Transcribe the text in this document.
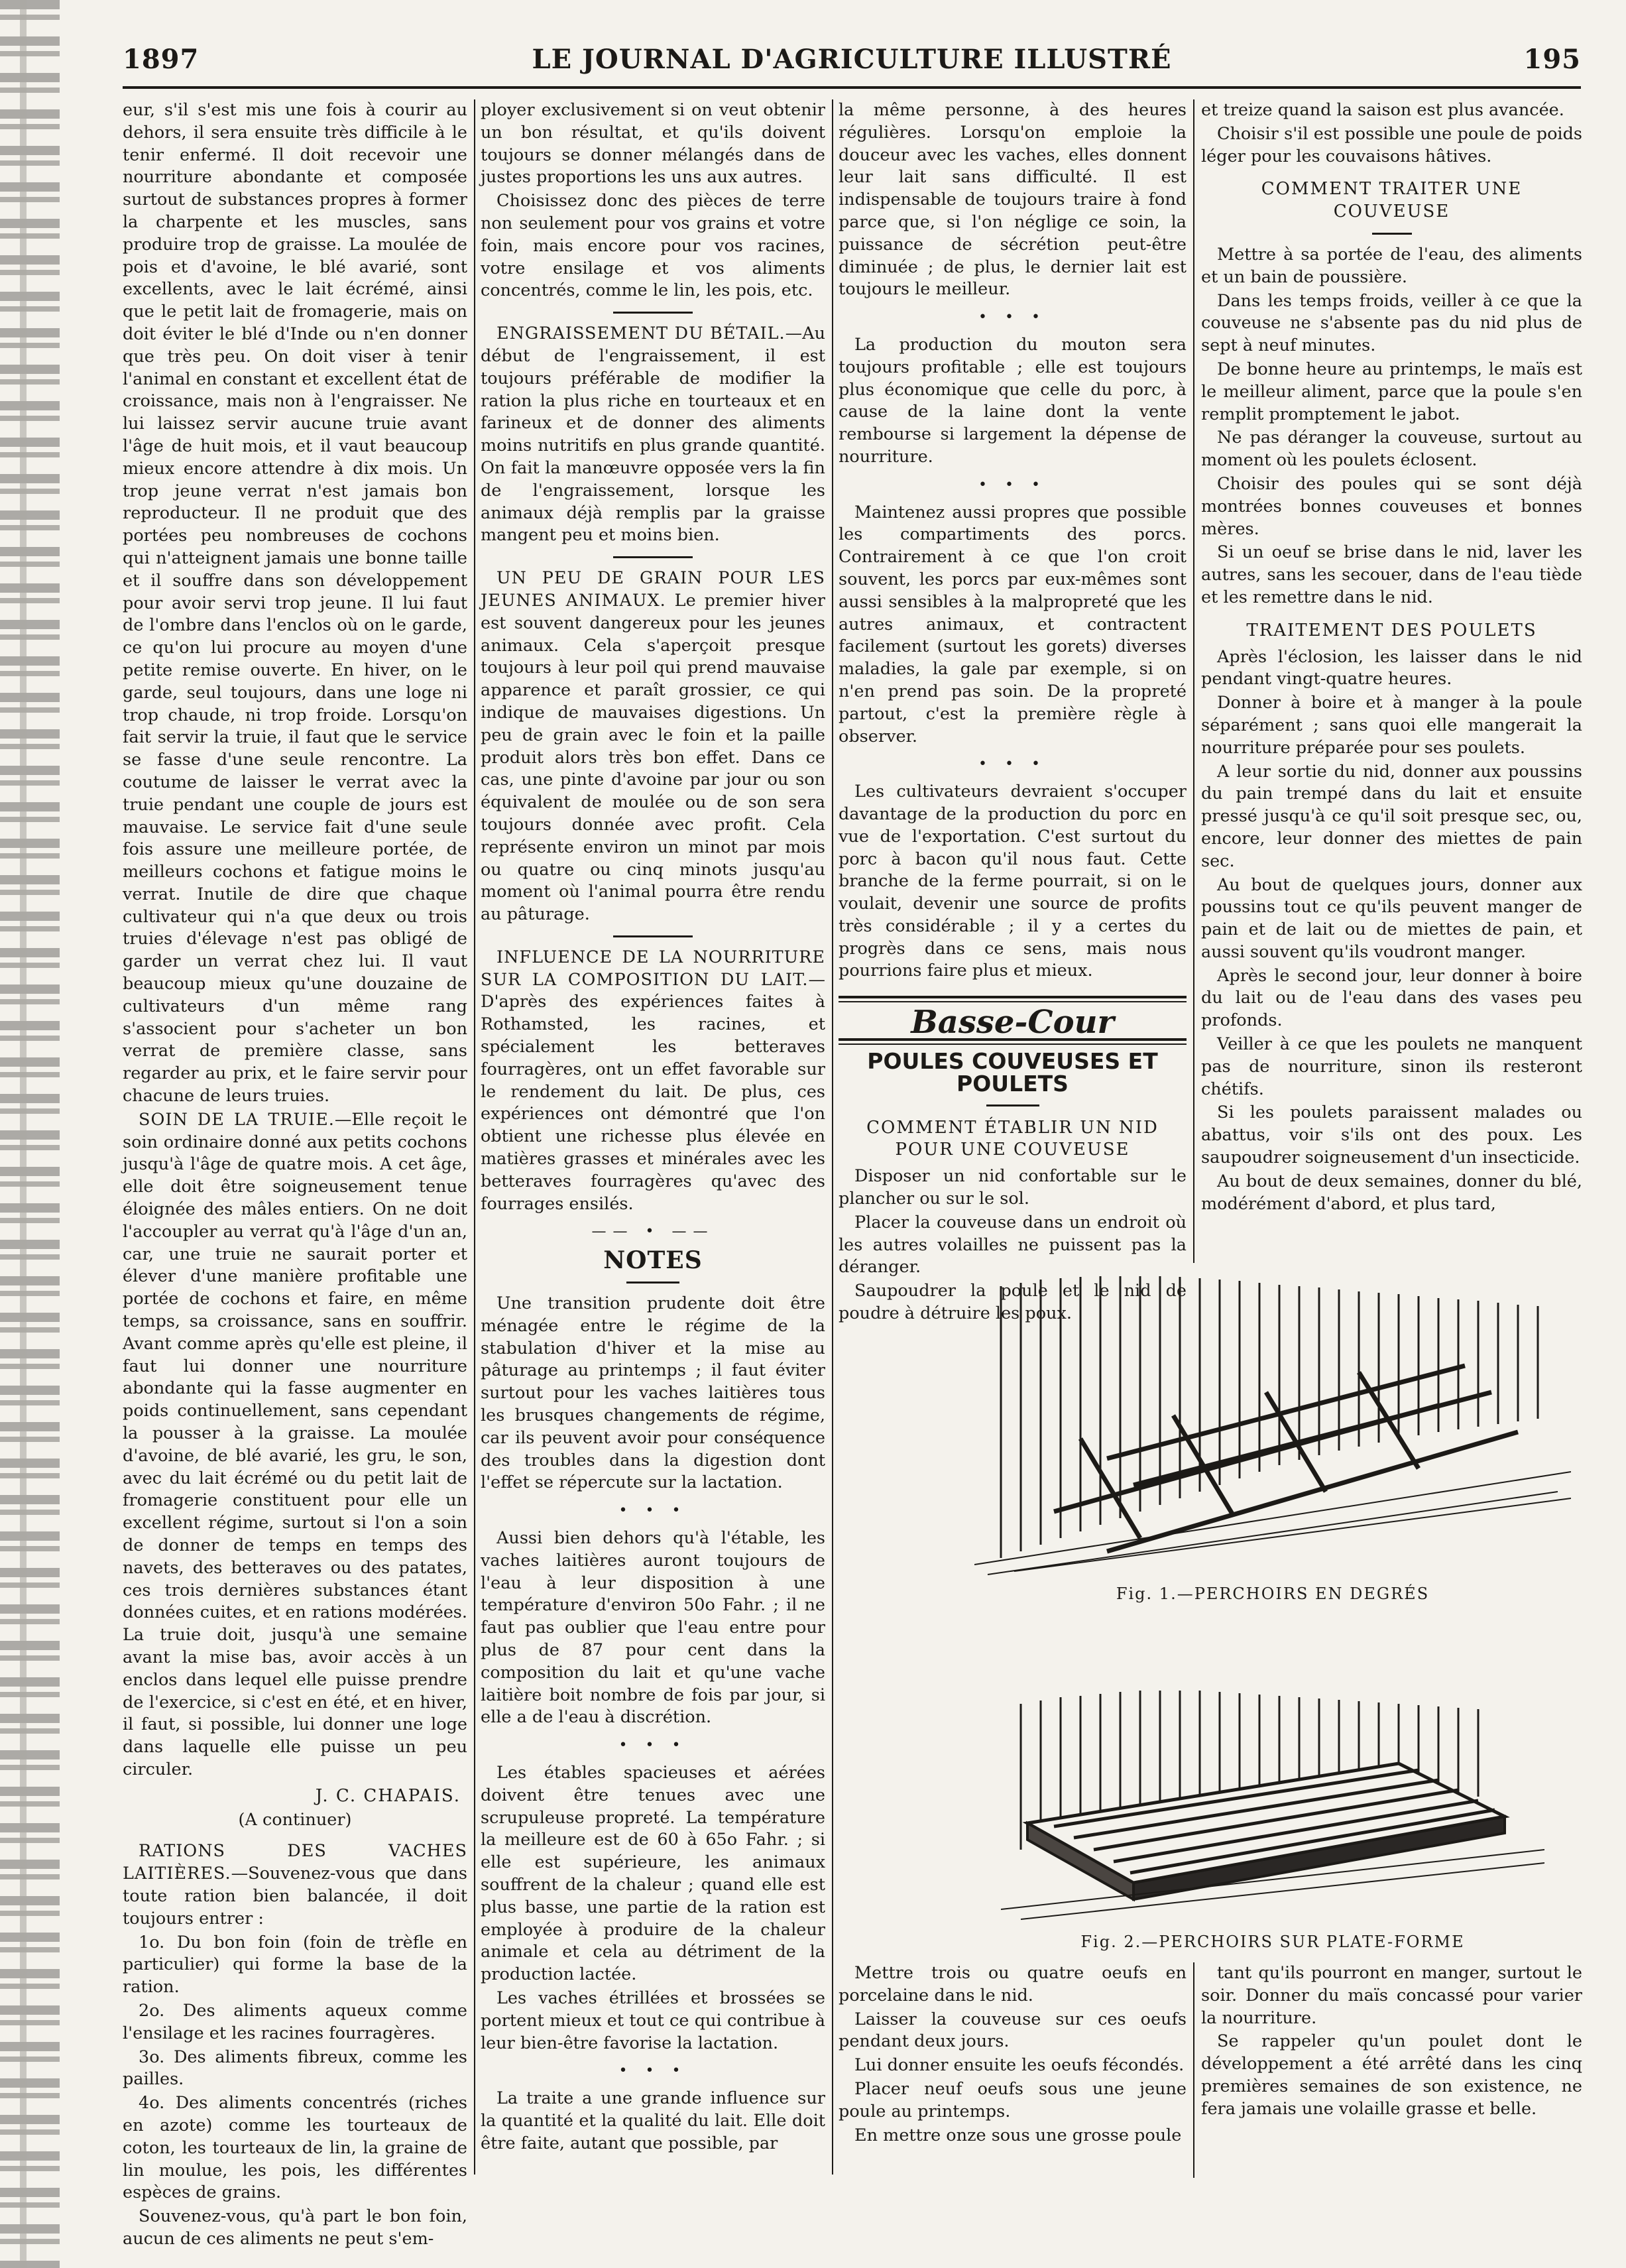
LE JOURNAL D'AGRICULTURE ILLUSTRÉ
1897	195

eur, s'il s'est mis une fois à courir au dehors, il sera ensuite très difficile à le tenir enfermé. Il doit recevoir une nourriture abondante et composée surtout de substances propres à former la charpente et les muscles, sans produire trop de graisse. La moulée de pois et d'avoine, le blé avarié, sont excellents, avec le lait écrémé, ainsi que le petit lait de fromagerie, mais on doit éviter le blé d'Inde ou n'en donner que très peu. On doit viser à tenir l'animal en constant et excellent état de croissance, mais non à l'engraisser. Ne lui laissez servir aucune truie avant l'âge de huit mois, et il vaut beaucoup mieux encore attendre à dix mois. Un trop jeune verrat n'est jamais bon reproducteur. Il ne produit que des portées peu nombreuses de cochons qui n'atteignent jamais une bonne taille et il souffre dans son développement pour avoir servi trop jeune. Il lui faut de l'ombre dans l'enclos où on le garde, ce qu'on lui procure au moyen d'une petite remise ouverte. En hiver, on le garde, seul toujours, dans une loge ni trop chaude, ni trop froide. Lorsqu'on fait servir la truie, il faut que le service se fasse d'une seule rencontre. La coutume de laisser le verrat avec la truie pendant une couple de jours est mauvaise. Le service fait d'une seule fois assure une meilleure portée, de meilleurs cochons et fatigue moins le verrat. Inutile de dire que chaque cultivateur qui n'a que deux ou trois truies d'élevage n'est pas obligé de garder un verrat chez lui. Il vaut beaucoup mieux qu'une douzaine de cultivateurs d'un même rang s'associent pour s'acheter un bon verrat de première classe, sans regarder au prix, et le faire servir pour chacune de leurs truies.

SOIN DE LA TRUIE.—Elle reçoit le soin ordinaire donné aux petits cochons jusqu'à l'âge de quatre mois. A cet âge, elle doit être soigneusement tenue éloignée des mâles entiers. On ne doit l'accoupler au verrat qu'à l'âge d'un an, car, une truie ne saurait porter et élever d'une manière profitable une portée de cochons et faire, en même temps, sa croissance, sans en souffrir. Avant comme après qu'elle est pleine, il faut lui donner une nourriture abondante qui la fasse augmenter en poids continuellement, sans cependant la pousser à la graisse. La moulée d'avoine, de blé avarié, les gru, le son, avec du lait écrémé ou du petit lait de fromagerie constituent pour elle un excellent régime, surtout si l'on a soin de donner de temps en temps des navets, des betteraves ou des patates, ces trois dernières substances étant données cuites, et en rations modérées. La truie doit, jusqu'à une semaine avant la mise bas, avoir accès à un enclos dans lequel elle puisse prendre de l'exercice, si c'est en été, et en hiver, il faut, si possible, lui donner une loge dans laquelle elle puisse un peu circuler.

J. C. CHAPAIS.
(A continuer)

RATIONS DES VACHES LAITIÈRES.—Souvenez-vous que dans toute ration bien balancée, il doit toujours entrer :

1o. Du bon foin (foin de trèfle en particulier) qui forme la base de la ration.

2o. Des aliments aqueux comme l'ensilage et les racines fourragères.

3o. Des aliments fibreux, comme les pailles.

4o. Des aliments concentrés (riches en azote) comme les tourteaux de coton, les tourteaux de lin, la graine de lin moulue, les pois, les différentes espèces de grains.

Souvenez-vous, qu'à part le bon foin, aucun de ces aliments ne peut s'em-

ployer exclusivement si on veut obtenir un bon résultat, et qu'ils doivent toujours se donner mélangés dans de justes proportions les uns aux autres.

Choisissez donc des pièces de terre non seulement pour vos grains et votre foin, mais encore pour vos racines, votre ensilage et vos aliments concentrés, comme le lin, les pois, etc.

ENGRAISSEMENT DU BÉTAIL.—Au début de l'engraissement, il est toujours préférable de modifier la ration la plus riche en tourteaux et en farineux et de donner des aliments moins nutritifs en plus grande quantité. On fait la manœuvre opposée vers la fin de l'engraissement, lorsque les animaux déjà remplis par la graisse mangent peu et moins bien.

UN PEU DE GRAIN POUR LES JEUNES ANIMAUX. Le premier hiver est souvent dangereux pour les jeunes animaux. Cela s'aperçoit presque toujours à leur poil qui prend mauvaise apparence et paraît grossier, ce qui indique de mauvaises digestions. Un peu de grain avec le foin et la paille produit alors très bon effet. Dans ce cas, une pinte d'avoine par jour ou son équivalent de moulée ou de son sera toujours donnée avec profit. Cela représente environ un minot par mois ou quatre ou cinq minots jusqu'au moment où l'animal pourra être rendu au pâturage.

INFLUENCE DE LA NOURRITURE SUR LA COMPOSITION DU LAIT.—D'après des expériences faites à Rothamsted, les racines, et spécialement les betteraves fourragères, ont un effet favorable sur le rendement du lait. De plus, ces expériences ont démontré que l'on obtient une richesse plus élevée en matières grasses et minérales avec les betteraves fourragères qu'avec des fourrages ensilés.

—— • ——
NOTES

Une transition prudente doit être ménagée entre le régime de la stabulation d'hiver et la mise au pâturage au printemps ; il faut éviter surtout pour les vaches laitières tous les brusques changements de régime, car ils peuvent avoir pour conséquence des troubles dans la digestion dont l'effet se répercute sur la lactation.

• • •

Aussi bien dehors qu'à l'étable, les vaches laitières auront toujours de l'eau à leur disposition à une température d'environ 50o Fahr. ; il ne faut pas oublier que l'eau entre pour plus de 87 pour cent dans la composition du lait et qu'une vache laitière boit nombre de fois par jour, si elle a de l'eau à discrétion.

• • •

Les étables spacieuses et aérées doivent être tenues avec une scrupuleuse propreté. La température la meilleure est de 60 à 65o Fahr. ; si elle est supérieure, les animaux souffrent de la chaleur ; quand elle est plus basse, une partie de la ration est employée à produire de la chaleur animale et cela au détriment de la production lactée.

Les vaches étrillées et brossées se portent mieux et tout ce qui contribue à leur bien-être favorise la lactation.

• • •

La traite a une grande influence sur la quantité et la qualité du lait. Elle doit être faite, autant que possible, par

la même personne, à des heures régulières. Lorsqu'on emploie la douceur avec les vaches, elles donnent leur lait sans difficulté. Il est indispensable de toujours traire à fond parce que, si l'on néglige ce soin, la puissance de sécrétion peut-être diminuée ; de plus, le dernier lait est toujours le meilleur.

• • •

La production du mouton sera toujours profitable ; elle est toujours plus économique que celle du porc, à cause de la laine dont la vente rembourse si largement la dépense de nourriture.

• • •

Maintenez aussi propres que possible les compartiments des porcs. Contrairement à ce que l'on croit souvent, les porcs par eux-mêmes sont aussi sensibles à la malpropreté que les autres animaux, et contractent facilement (surtout les gorets) diverses maladies, la gale par exemple, si on n'en prend pas soin. De la propreté partout, c'est la première règle à observer.

• • •

Les cultivateurs devraient s'occuper davantage de la production du porc en vue de l'exportation. C'est surtout du porc à bacon qu'il nous faut. Cette branche de la ferme pourrait, si on le voulait, devenir une source de profits très considérable ; il y a certes du progrès dans ce sens, mais nous pourrions faire plus et mieux.

Basse-Cour
POULES COUVEUSES ET POULETS
COMMENT ÉTABLIR UN NID POUR UNE COUVEUSE

Disposer un nid confortable sur le plancher ou sur le sol.

Placer la couveuse dans un endroit où les autres volailles ne puissent pas la déranger.

Saupoudrer la poule et le nid de poudre à détruire les poux.

et treize quand la saison est plus avancée.

Choisir s'il est possible une poule de poids léger pour les couvaisons hâtives.

COMMENT TRAITER UNE COUVEUSE

Mettre à sa portée de l'eau, des aliments et un bain de poussière.

Dans les temps froids, veiller à ce que la couveuse ne s'absente pas du nid plus de sept à neuf minutes.

De bonne heure au printemps, le maïs est le meilleur aliment, parce que la poule s'en remplit promptement le jabot.

Ne pas déranger la couveuse, surtout au moment où les poulets éclosent.

Choisir des poules qui se sont déjà montrées bonnes couveuses et bonnes mères.

Si un oeuf se brise dans le nid, laver les autres, sans les secouer, dans de l'eau tiède et les remettre dans le nid.

TRAITEMENT DES POULETS

Après l'éclosion, les laisser dans le nid pendant vingt-quatre heures.

Donner à boire et à manger à la poule séparément ; sans quoi elle mangerait la nourriture préparée pour ses poulets.

A leur sortie du nid, donner aux poussins du pain trempé dans du lait et ensuite pressé jusqu'à ce qu'il soit presque sec, ou, encore, leur donner des miettes de pain sec.

Au bout de quelques jours, donner aux poussins tout ce qu'ils peuvent manger de pain et de lait ou de miettes de pain, et aussi souvent qu'ils voudront manger.

Après le second jour, leur donner à boire du lait ou de l'eau dans des vases peu profonds.

Veiller à ce que les poulets ne manquent pas de nourriture, sinon ils resteront chétifs.

Si les poulets paraissent malades ou abattus, voir s'ils ont des poux. Les saupoudrer soigneusement d'un insecticide.

Au bout de deux semaines, donner du blé, modérément d'abord, et plus tard,

Fig. 1.—PERCHOIRS EN DEGRÉS
Fig. 2.—PERCHOIRS SUR PLATE-FORME

Mettre trois ou quatre oeufs en porcelaine dans le nid.

Laisser la couveuse sur ces oeufs pendant deux jours.

Lui donner ensuite les oeufs fécondés.

Placer neuf oeufs sous une jeune poule au printemps.

En mettre onze sous une grosse poule

tant qu'ils pourront en manger, surtout le soir. Donner du maïs concassé pour varier la nourriture.

Se rappeler qu'un poulet dont le développement a été arrêté dans les cinq premières semaines de son existence, ne fera jamais une volaille grasse et belle.
